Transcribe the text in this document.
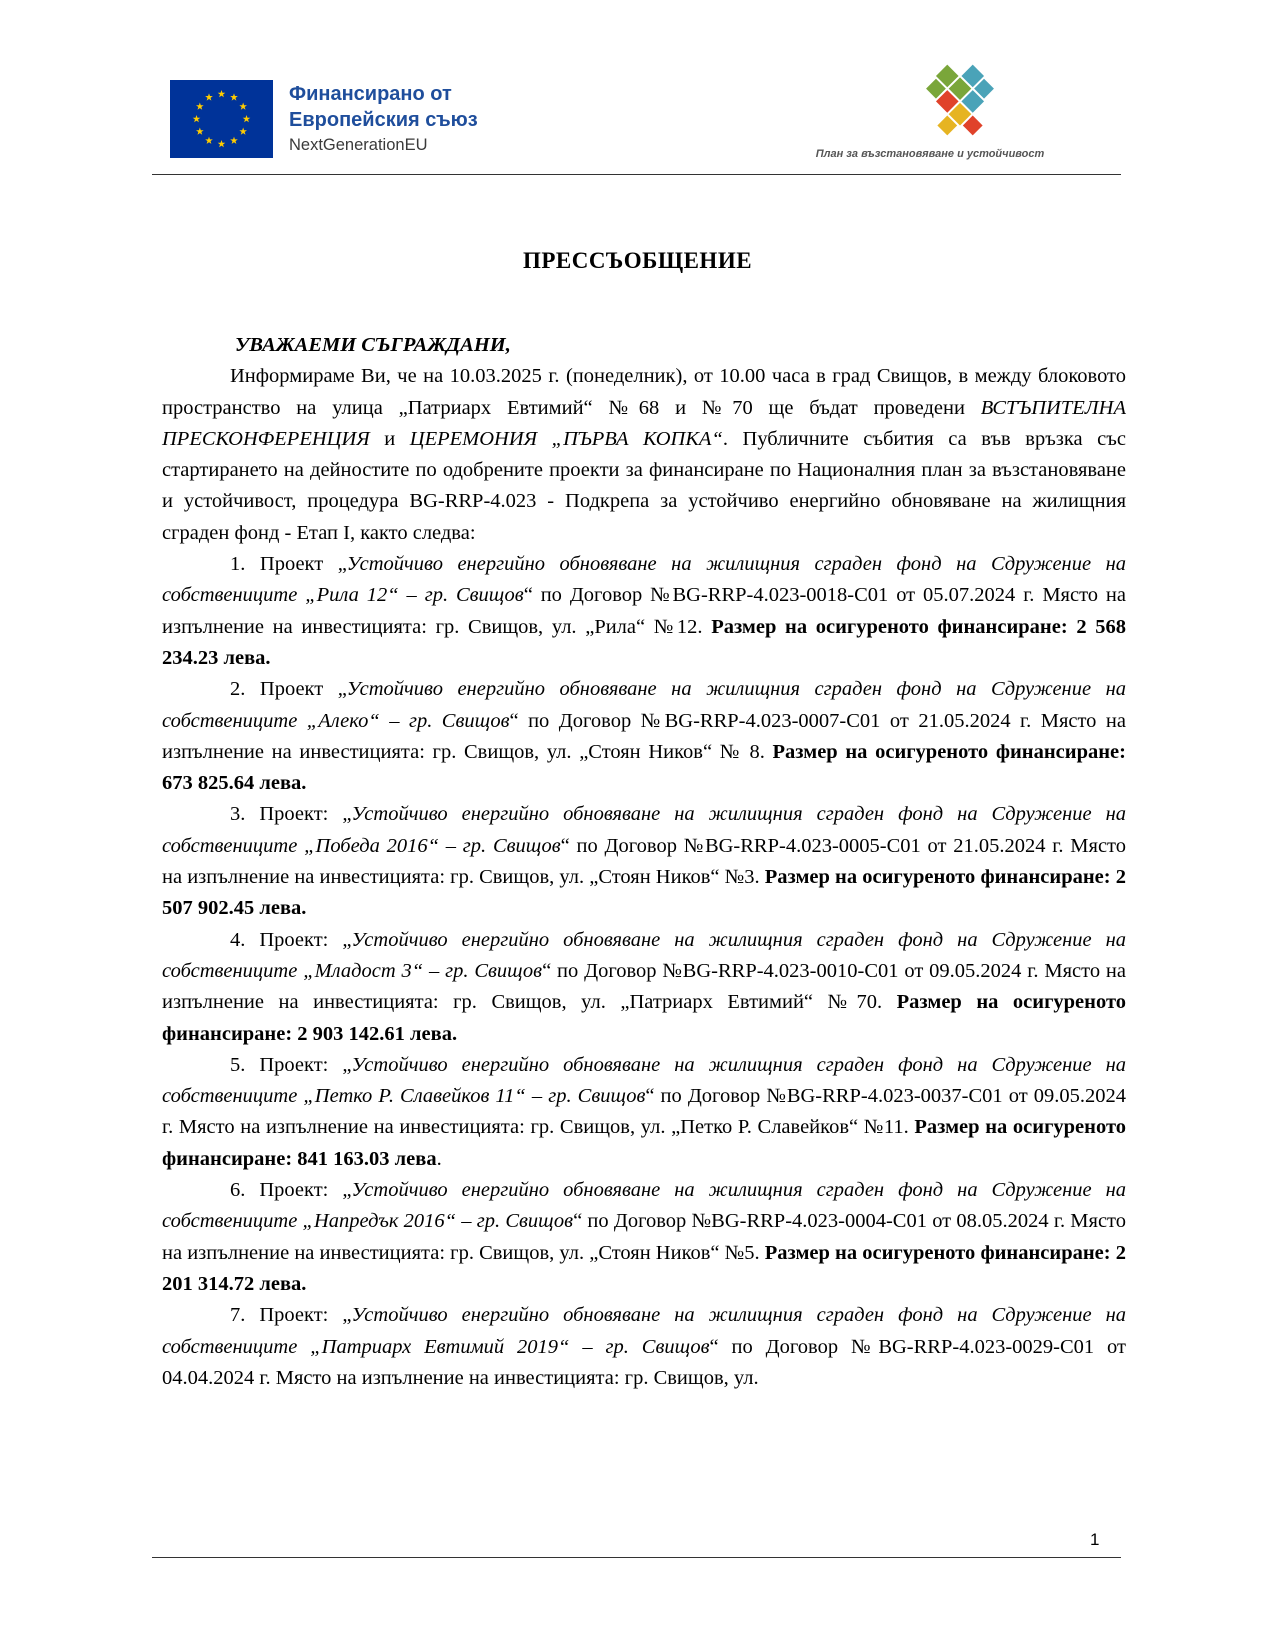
Финансирано от
Европейския съюз
NextGenerationEU	План за възстановяване и устойчивост
ПРЕССЪОБЩЕНИЕ

УВАЖАЕМИ СЪГРАЖДАНИ,

Информираме Ви, че на 10.03.2025 г. (понеделник), от 10.00 часа в град Свищов, в между блоковото пространство на улица „Патриарх Евтимий“ №68 и №70 ще бъдат проведени ВСТЪПИТЕЛНА ПРЕСКОНФЕРЕНЦИЯ и ЦЕРЕМОНИЯ „ПЪРВА КОПКА“. Публичните събития са във връзка със стартирането на дейностите по одобрените проекти за финансиране по Националния план за възстановяване и устойчивост, процедура BG-RRP-4.023 - Подкрепа за устойчиво енергийно обновяване на жилищния сграден фонд - Етап I, както следва:

1. Проект „Устойчиво енергийно обновяване на жилищния сграден фонд на Сдружение на собствениците „Рила 12“ – гр. Свищов“ по Договор №BG-RRP-4.023-0018-С01 от 05.07.2024 г. Място на изпълнение на инвестицията: гр. Свищов, ул. „Рила“ №12. Размер на осигуреното финансиране: 2 568 234.23 лева.

2. Проект „Устойчиво енергийно обновяване на жилищния сграден фонд на Сдружение на собствениците „Алеко“ – гр. Свищов“ по Договор №BG-RRP-4.023-0007-С01 от 21.05.2024 г. Място на изпълнение на инвестицията: гр. Свищов, ул. „Стоян Ников“ № 8. Размер на осигуреното финансиране: 673 825.64 лева.

3. Проект: „Устойчиво енергийно обновяване на жилищния сграден фонд на Сдружение на собствениците „Победа 2016“ – гр. Свищов“ по Договор №BG-RRP-4.023-0005-С01 от 21.05.2024 г. Място на изпълнение на инвестицията: гр. Свищов, ул. „Стоян Ников“ №3. Размер на осигуреното финансиране: 2 507 902.45 лева.

4. Проект: „Устойчиво енергийно обновяване на жилищния сграден фонд на Сдружение на собствениците „Младост 3“ – гр. Свищов“ по Договор №BG-RRP-4.023-0010-С01 от 09.05.2024 г. Място на изпълнение на инвестицията: гр. Свищов, ул. „Патриарх Евтимий“ №70. Размер на осигуреното финансиране: 2 903 142.61 лева.

5. Проект: „Устойчиво енергийно обновяване на жилищния сграден фонд на Сдружение на собствениците „Петко Р. Славейков 11“ – гр. Свищов“ по Договор №BG-RRP-4.023-0037-С01 от 09.05.2024 г. Място на изпълнение на инвестицията: гр. Свищов, ул. „Петко Р. Славейков“ №11. Размер на осигуреното финансиране: 841 163.03 лева.

6. Проект: „Устойчиво енергийно обновяване на жилищния сграден фонд на Сдружение на собствениците „Напредък 2016“ – гр. Свищов“ по Договор №BG-RRP-4.023-0004-С01 от 08.05.2024 г. Място на изпълнение на инвестицията: гр. Свищов, ул. „Стоян Ников“ №5. Размер на осигуреното финансиране: 2 201 314.72 лева.

7. Проект: „Устойчиво енергийно обновяване на жилищния сграден фонд на Сдружение на собствениците „Патриарх Евтимий 2019“ – гр. Свищов“ по Договор №BG-RRP-4.023-0029-С01 от 04.04.2024 г. Място на изпълнение на инвестицията: гр. Свищов, ул.

1
